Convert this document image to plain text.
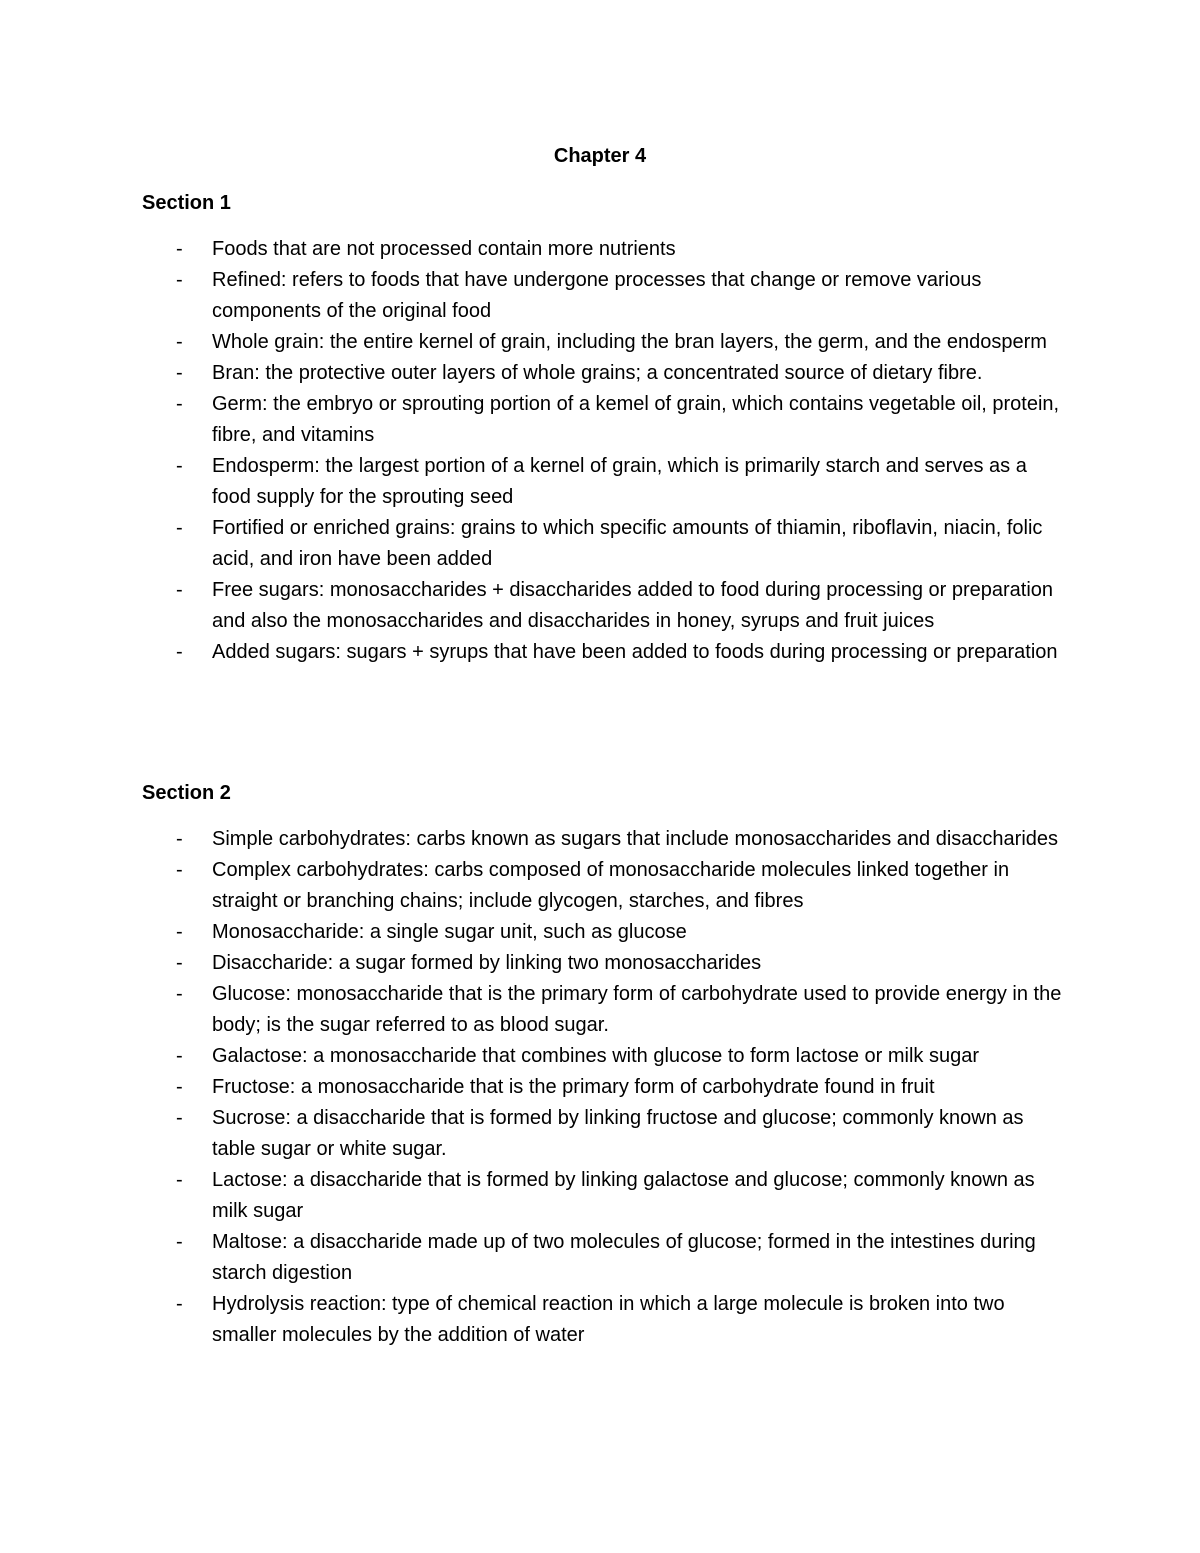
Chapter 4
Section 1
- Foods that are not processed contain more nutrients
- Refined: refers to foods that have undergone processes that change or remove various components of the original food
- Whole grain: the entire kernel of grain, including the bran layers, the germ, and the endosperm
- Bran: the protective outer layers of whole grains; a concentrated source of dietary fibre.
- Germ: the embryo or sprouting portion of a kemel of grain, which contains vegetable oil, protein, fibre, and vitamins
- Endosperm: the largest portion of a kernel of grain, which is primarily starch and serves as a food supply for the sprouting seed
- Fortified or enriched grains: grains to which specific amounts of thiamin, riboflavin, niacin, folic acid, and iron have been added
- Free sugars: monosaccharides + disaccharides added to food during processing or preparation and also the monosaccharides and disaccharides in honey, syrups and fruit juices
- Added sugars: sugars + syrups that have been added to foods during processing or preparation
Section 2
- Simple carbohydrates: carbs known as sugars that include monosaccharides and disaccharides
- Complex carbohydrates: carbs composed of monosaccharide molecules linked together in straight or branching chains; include glycogen, starches, and fibres
- Monosaccharide: a single sugar unit, such as glucose
- Disaccharide: a sugar formed by linking two monosaccharides
- Glucose: monosaccharide that is the primary form of carbohydrate used to provide energy in the body; is the sugar referred to as blood sugar.
- Galactose: a monosaccharide that combines with glucose to form lactose or milk sugar
- Fructose: a monosaccharide that is the primary form of carbohydrate found in fruit
- Sucrose: a disaccharide that is formed by linking fructose and glucose; commonly known as table sugar or white sugar.
- Lactose: a disaccharide that is formed by linking galactose and glucose; commonly known as milk sugar
- Maltose: a disaccharide made up of two molecules of glucose; formed in the intestines during starch digestion
- Hydrolysis reaction: type of chemical reaction in which a large molecule is broken into two smaller molecules by the addition of water
